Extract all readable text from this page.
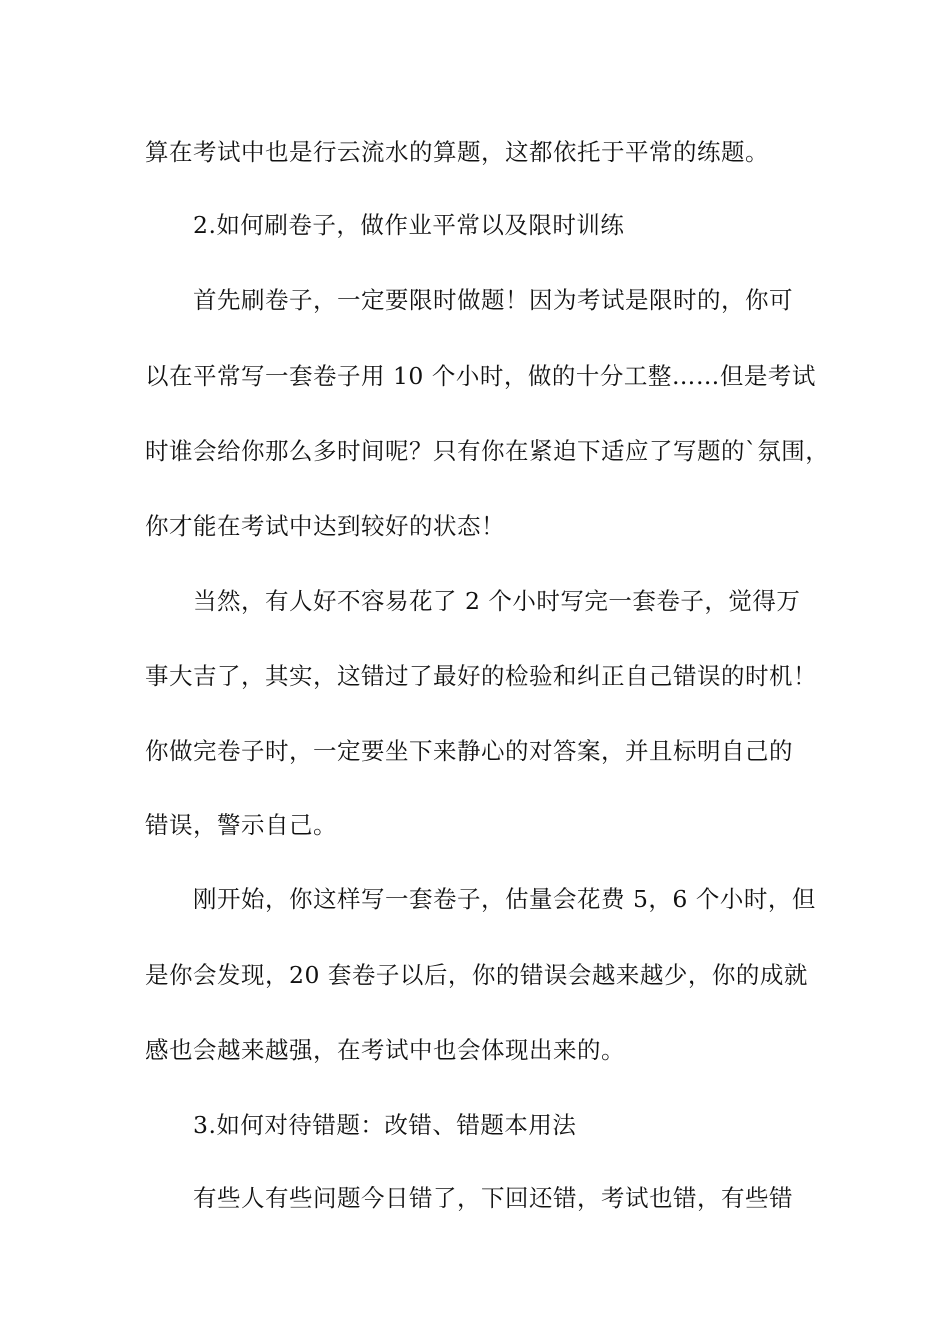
算在考试中也是行云流水的算题，这都依托于平常的练题。
2.如何刷卷子，做作业平常以及限时训练
首先刷卷子，一定要限时做题！因为考试是限时的，你可
以在平常写一套卷子用 10 个小时，做的十分工整……但是考试
时谁会给你那么多时间呢？只有你在紧迫下适应了写题的`氛围，
你才能在考试中达到较好的状态！
当然，有人好不容易花了 2 个小时写完一套卷子，觉得万
事大吉了，其实，这错过了最好的检验和纠正自己错误的时机！
你做完卷子时，一定要坐下来静心的对答案，并且标明自己的
错误，警示自己。
刚开始，你这样写一套卷子，估量会花费 5，6 个小时，但
是你会发现，20 套卷子以后，你的错误会越来越少，你的成就
感也会越来越强，在考试中也会体现出来的。
3.如何对待错题：改错、错题本用法
有些人有些问题今日错了，下回还错，考试也错，有些错
